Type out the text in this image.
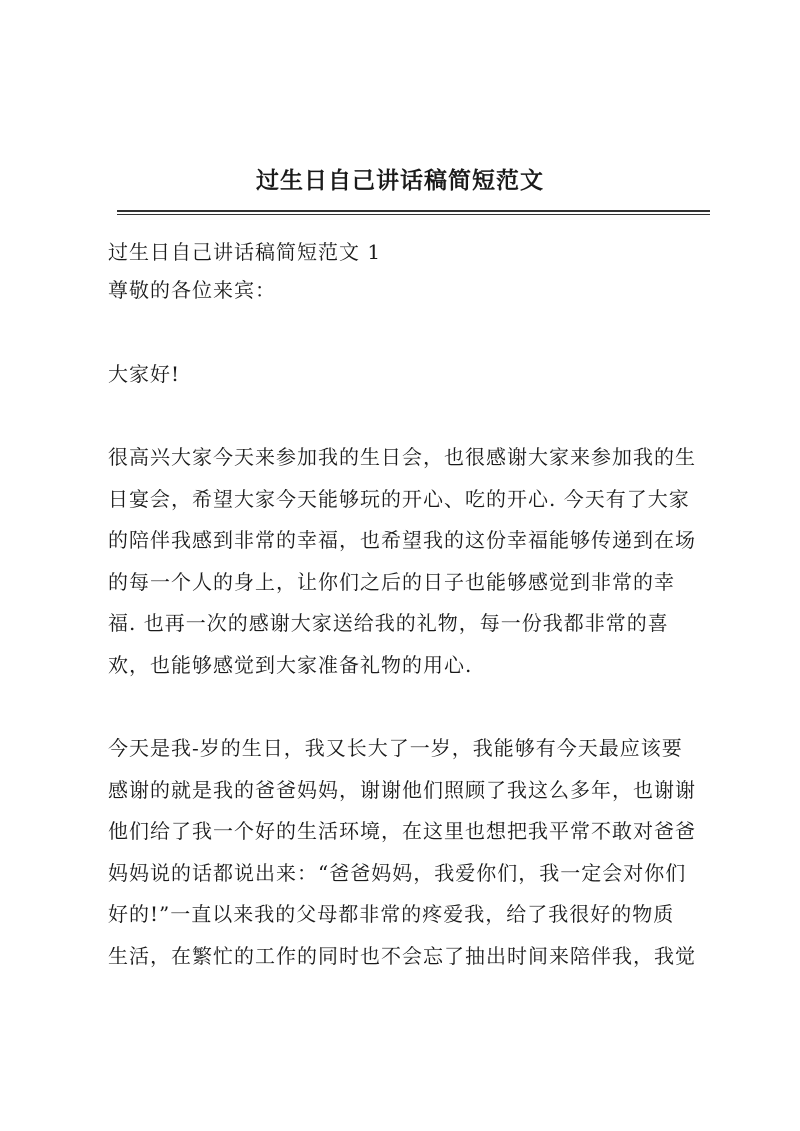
过生日自己讲话稿简短范文
过生日自己讲话稿简短范文 1
尊敬的各位来宾：
大家好!
很高兴大家今天来参加我的生日会，也很感谢大家来参加我的生
日宴会，希望大家今天能够玩的开心、吃的开心. 今天有了大家
的陪伴我感到非常的幸福，也希望我的这份幸福能够传递到在场
的每一个人的身上，让你们之后的日子也能够感觉到非常的幸
福. 也再一次的感谢大家送给我的礼物，每一份我都非常的喜
欢，也能够感觉到大家准备礼物的用心.
今天是我-岁的生日，我又长大了一岁，我能够有今天最应该要
感谢的就是我的爸爸妈妈，谢谢他们照顾了我这么多年，也谢谢
他们给了我一个好的生活环境，在这里也想把我平常不敢对爸爸
妈妈说的话都说出来：“爸爸妈妈，我爱你们，我一定会对你们
好的!”一直以来我的父母都非常的疼爱我，给了我很好的物质
生活，在繁忙的工作的同时也不会忘了抽出时间来陪伴我，我觉
